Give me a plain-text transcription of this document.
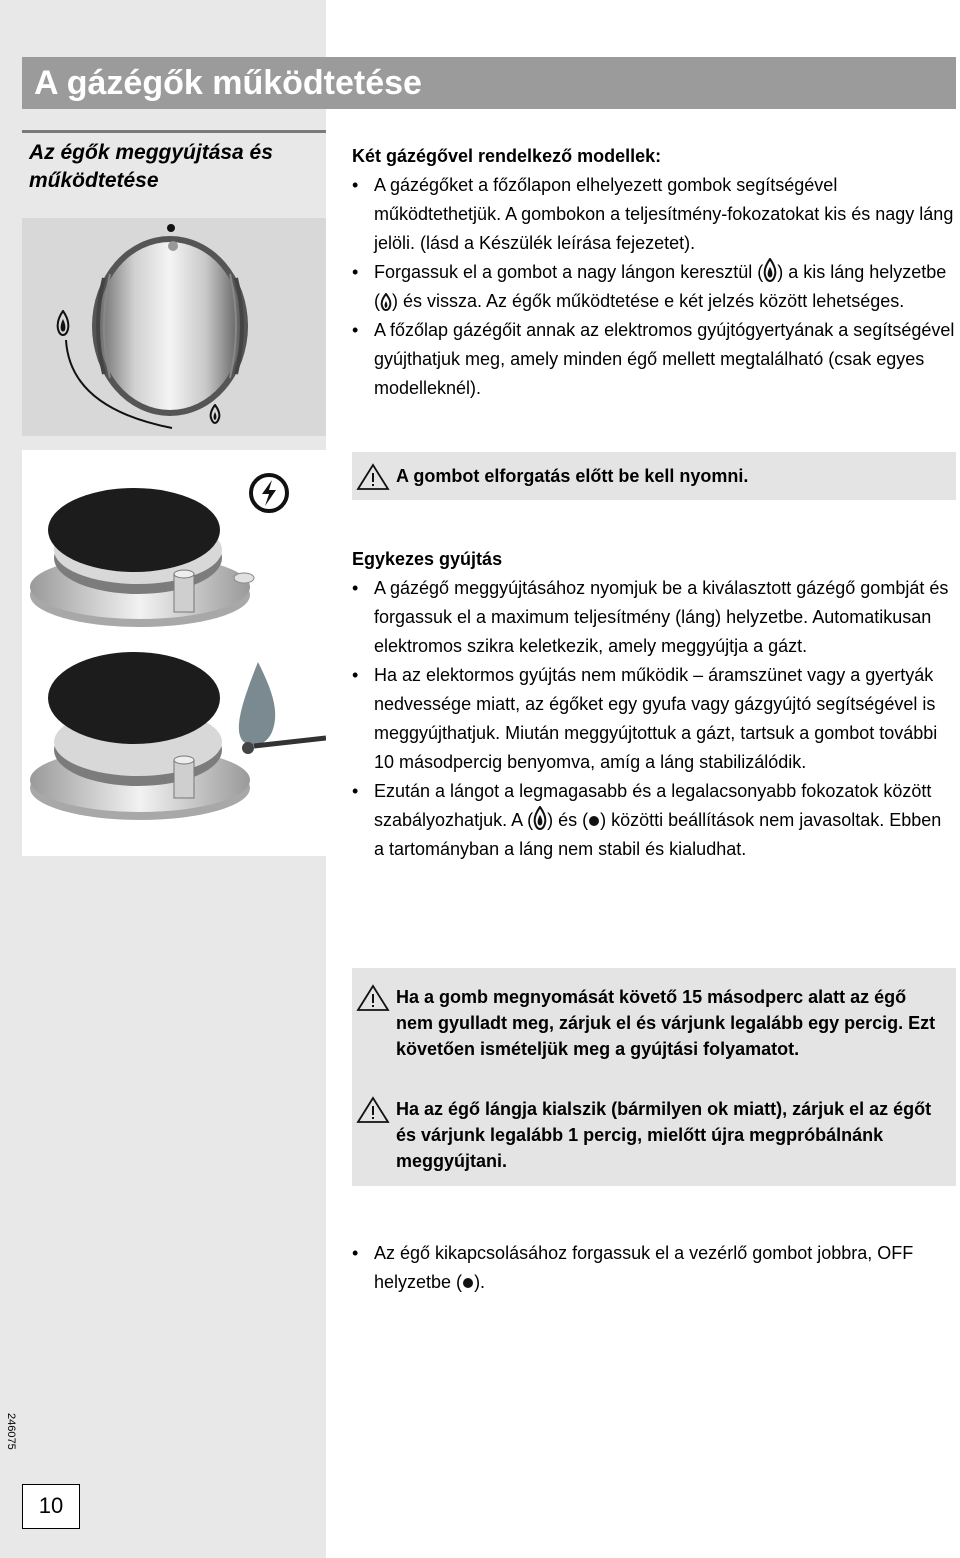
A gázégők működtetése
Az égők meggyújtása és működtetése
Két gázégővel rendelkező modellek:
• A gázégőket a főzőlapon elhelyezett gombok segítségével működtethetjük. A gombokon a teljesítmény-fokozatokat kis és nagy láng jelöli. (lásd a Készülék leírása fejezetet).
• Forgassuk el a gombot a nagy lángon keresztül ( ) a kis láng helyzetbe ( ) és vissza. Az égők működtetése e két jelzés között lehetséges.
• A főzőlap gázégőit annak az elektromos gyújtógyertyának a segítségével gyújthatjuk meg, amely minden égő mellett megtalálható (csak egyes modelleknél).
A gombot elforgatás előtt be kell nyomni.
Egykezes gyújtás
• A gázégő meggyújtásához nyomjuk be a kiválasztott gázégő gombját és forgassuk el a maximum teljesítmény (láng) helyzetbe. Automatikusan elektromos szikra keletkezik, amely meggyújtja a gázt.
• Ha az elektormos gyújtás nem működik – áramszünet vagy a gyertyák nedvessége miatt, az égőket egy gyufa vagy gázgyújtó segítségével is meggyújthatjuk. Miután meggyújtottuk a gázt, tartsuk a gombot további 10 másodpercig benyomva, amíg a láng stabilizálódik.
• Ezután a lángot a legmagasabb és a legalacsonyabb fokozatok között szabályozhatjuk. A ( ) és ( ) közötti beállítások nem javasoltak. Ebben a tartományban a láng nem stabil és kialudhat.
Ha a gomb megnyomását követő 15 másodperc alatt az égő nem gyulladt meg, zárjuk el és várjunk legalább egy percig. Ezt követően ismételjük meg a gyújtási folyamatot.
Ha az égő lángja kialszik (bármilyen ok miatt), zárjuk el az égőt és várjunk legalább 1 percig, mielőtt újra megpróbálnánk meggyújtani.
• Az égő kikapcsolásához forgassuk el a vezérlő gombot jobbra, OFF helyzetbe ( ).
246075
10
